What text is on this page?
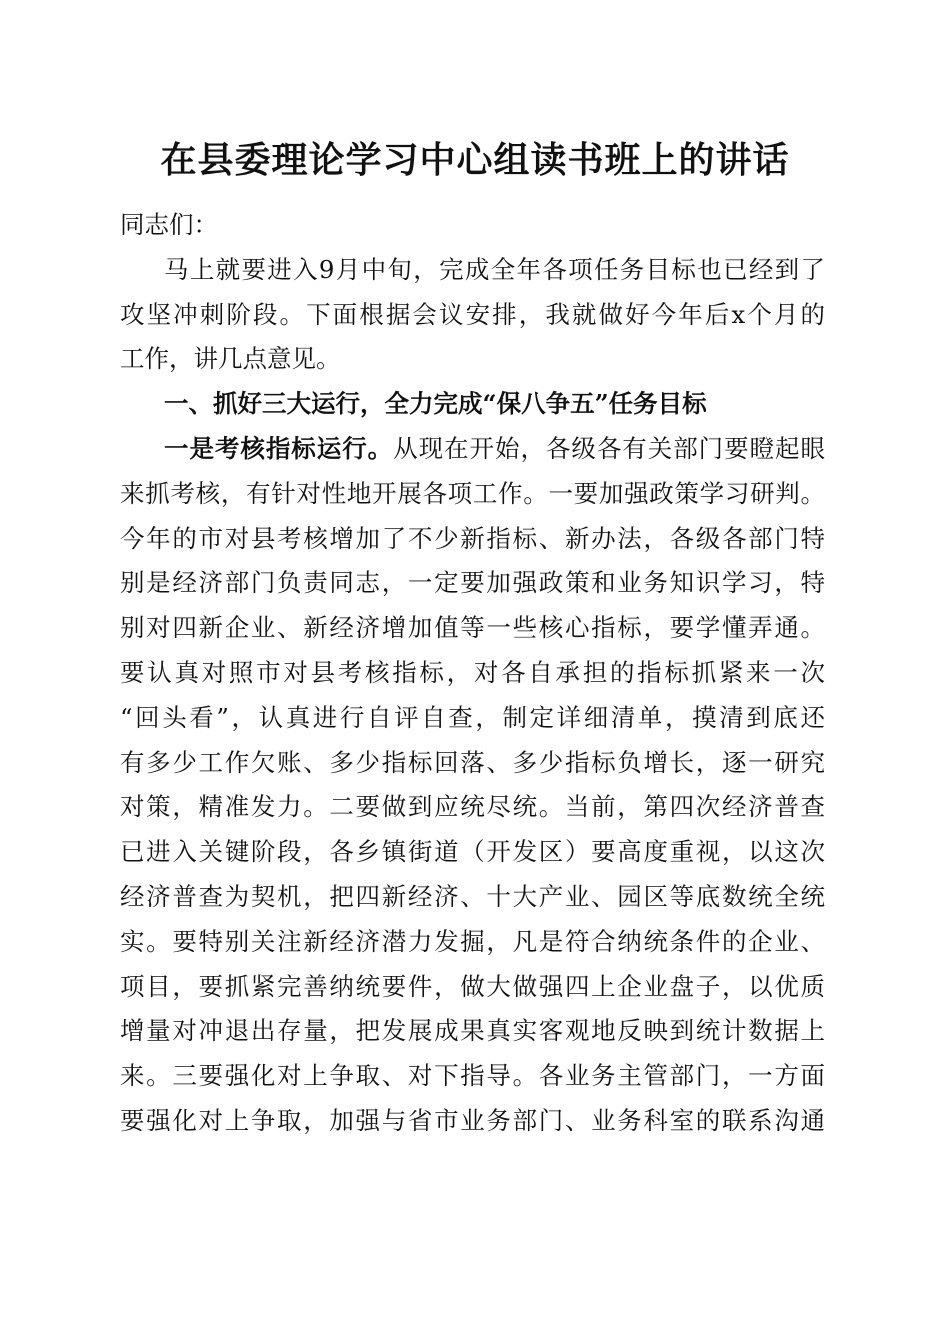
在县委理论学习中心组读书班上的讲话
同志们：
马上就要进入9月中旬，完成全年各项任务目标也已经到了
攻坚冲刺阶段。下面根据会议安排，我就做好今年后x个月的
工作，讲几点意见。
一、抓好三大运行，全力完成“保八争五”任务目标
一是考核指标运行。从现在开始，各级各有关部门要瞪起眼
来抓考核，有针对性地开展各项工作。一要加强政策学习研判。
今年的市对县考核增加了不少新指标、新办法，各级各部门特
别是经济部门负责同志，一定要加强政策和业务知识学习，特
别对四新企业、新经济增加值等一些核心指标，要学懂弄通。
要认真对照市对县考核指标，对各自承担的指标抓紧来一次
“回头看”，认真进行自评自查，制定详细清单，摸清到底还
有多少工作欠账、多少指标回落、多少指标负增长，逐一研究
对策，精准发力。二要做到应统尽统。当前，第四次经济普查
已进入关键阶段，各乡镇街道（开发区）要高度重视，以这次
经济普查为契机，把四新经济、十大产业、园区等底数统全统
实。要特别关注新经济潜力发掘，凡是符合纳统条件的企业、
项目，要抓紧完善纳统要件，做大做强四上企业盘子，以优质
增量对冲退出存量，把发展成果真实客观地反映到统计数据上
来。三要强化对上争取、对下指导。各业务主管部门，一方面
要强化对上争取，加强与省市业务部门、业务科室的联系沟通
